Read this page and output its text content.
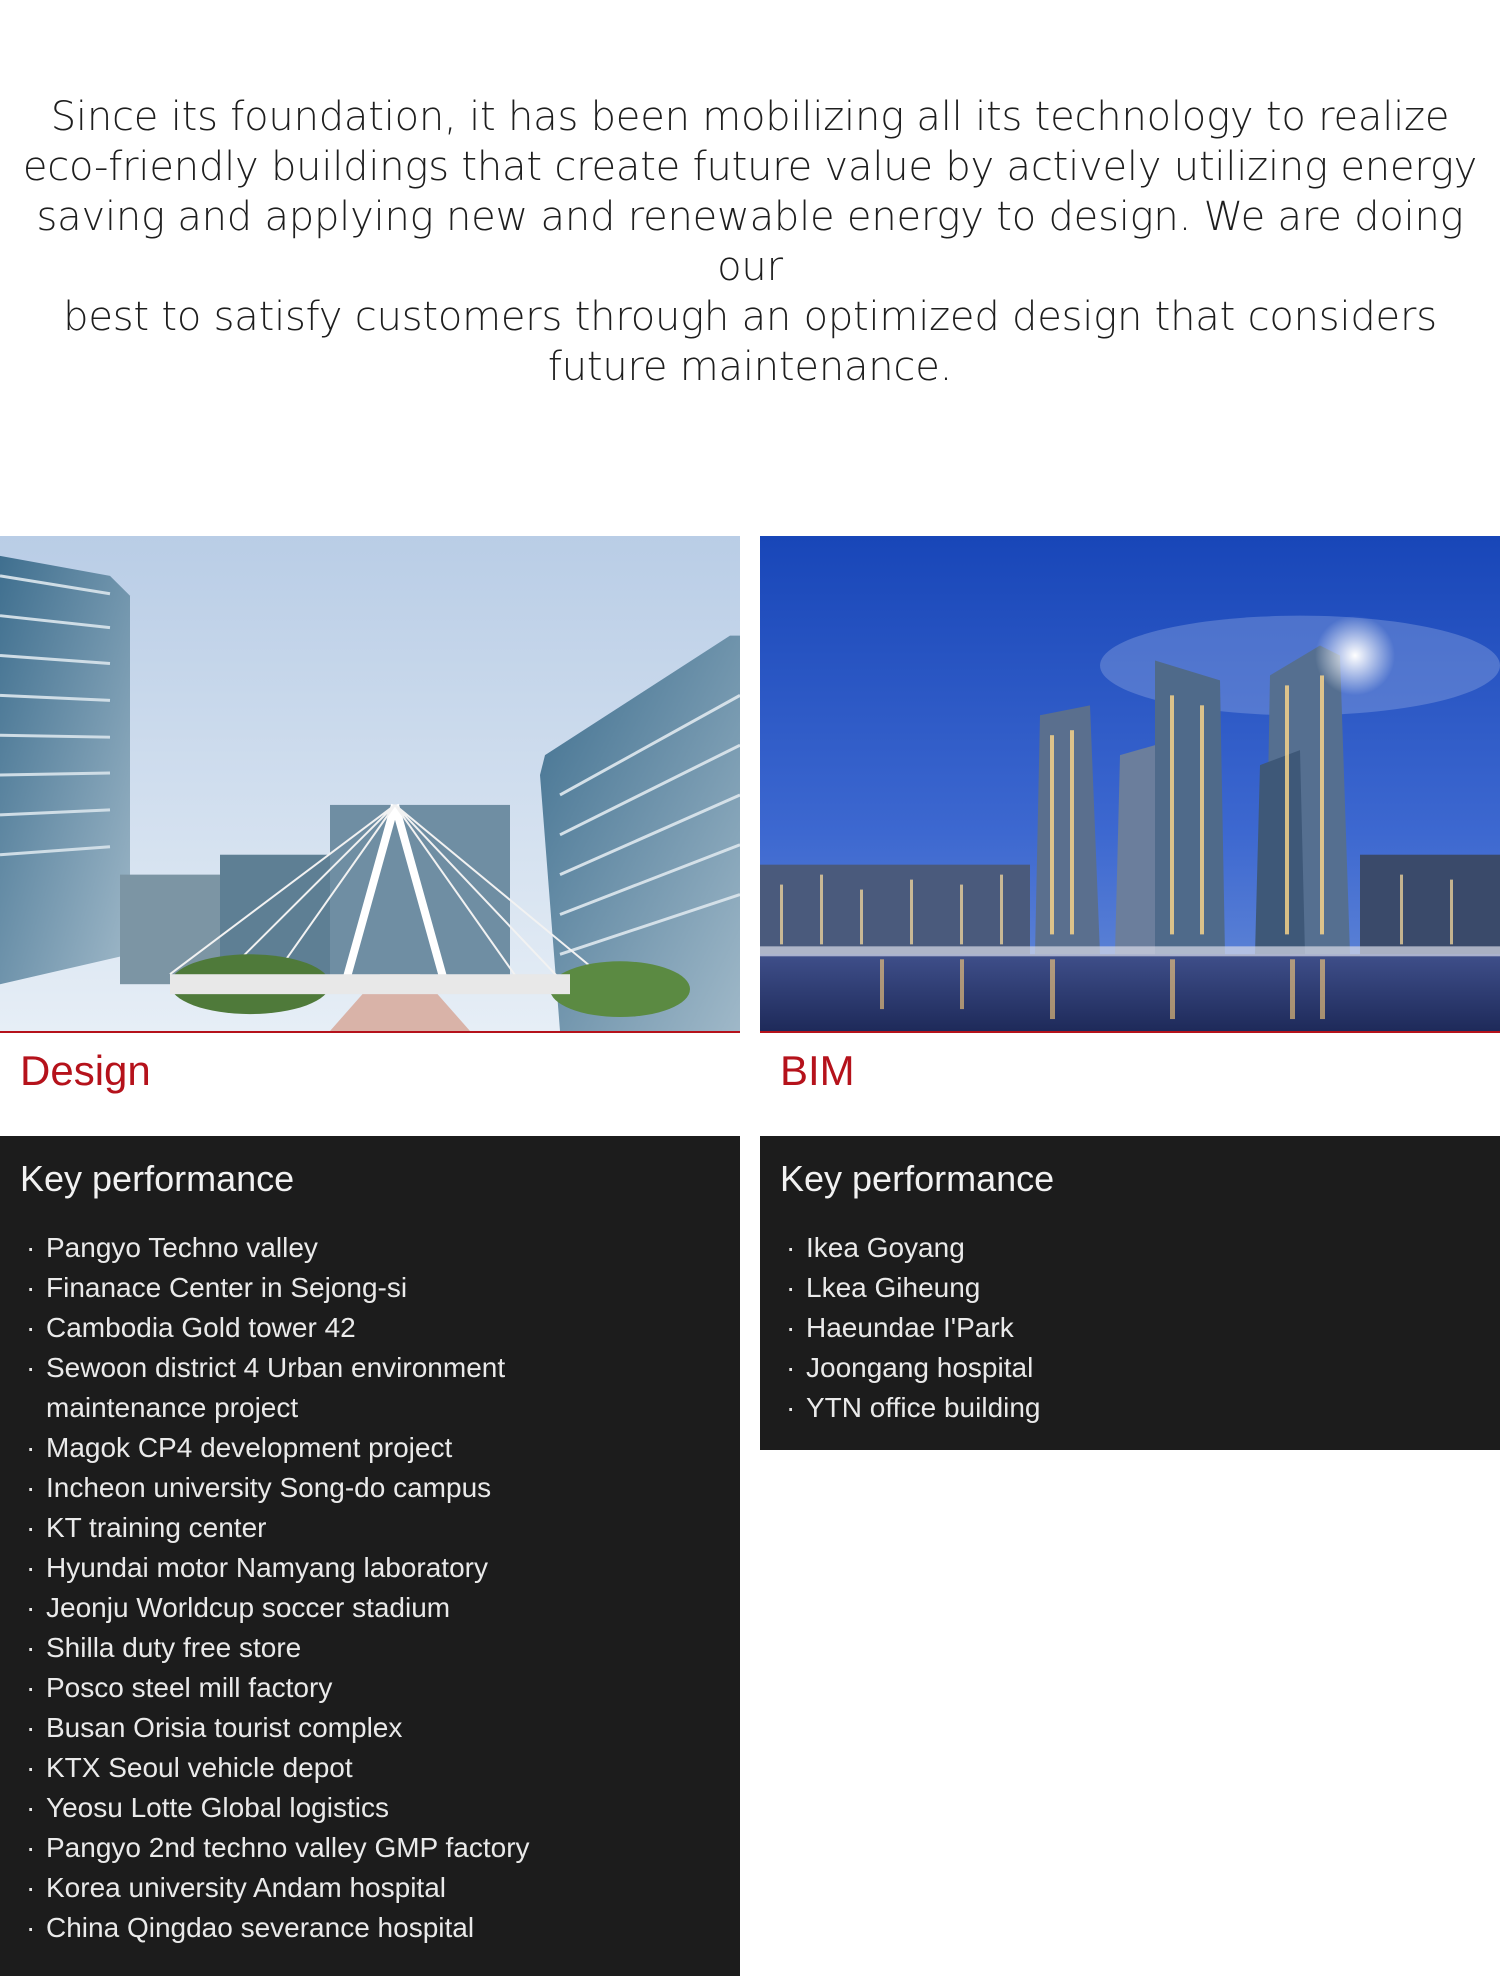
Since its foundation, it has been mobilizing all its technology to realize
eco-friendly buildings that create future value by actively utilizing energy
saving and applying new and renewable energy to design. We are doing our
best to satisfy customers through an optimized design that considers
future maintenance.
Design
Key performance
· Pangyo Techno valley
· Finanace Center in Sejong-si
· Cambodia Gold tower 42
· Sewoon district 4 Urban environment
maintenance project
· Magok CP4 development project
· Incheon university Song-do campus
· KT training center
· Hyundai motor Namyang laboratory
· Jeonju Worldcup soccer stadium
· Shilla duty free store
· Posco steel mill factory
· Busan Orisia tourist complex
· KTX Seoul vehicle depot
· Yeosu Lotte Global logistics
· Pangyo 2nd techno valley GMP factory
· Korea university Andam hospital
· China Qingdao severance hospital
BIM
Key performance
· Ikea Goyang
· Lkea Giheung
· Haeundae I'Park
· Joongang hospital
· YTN office building
